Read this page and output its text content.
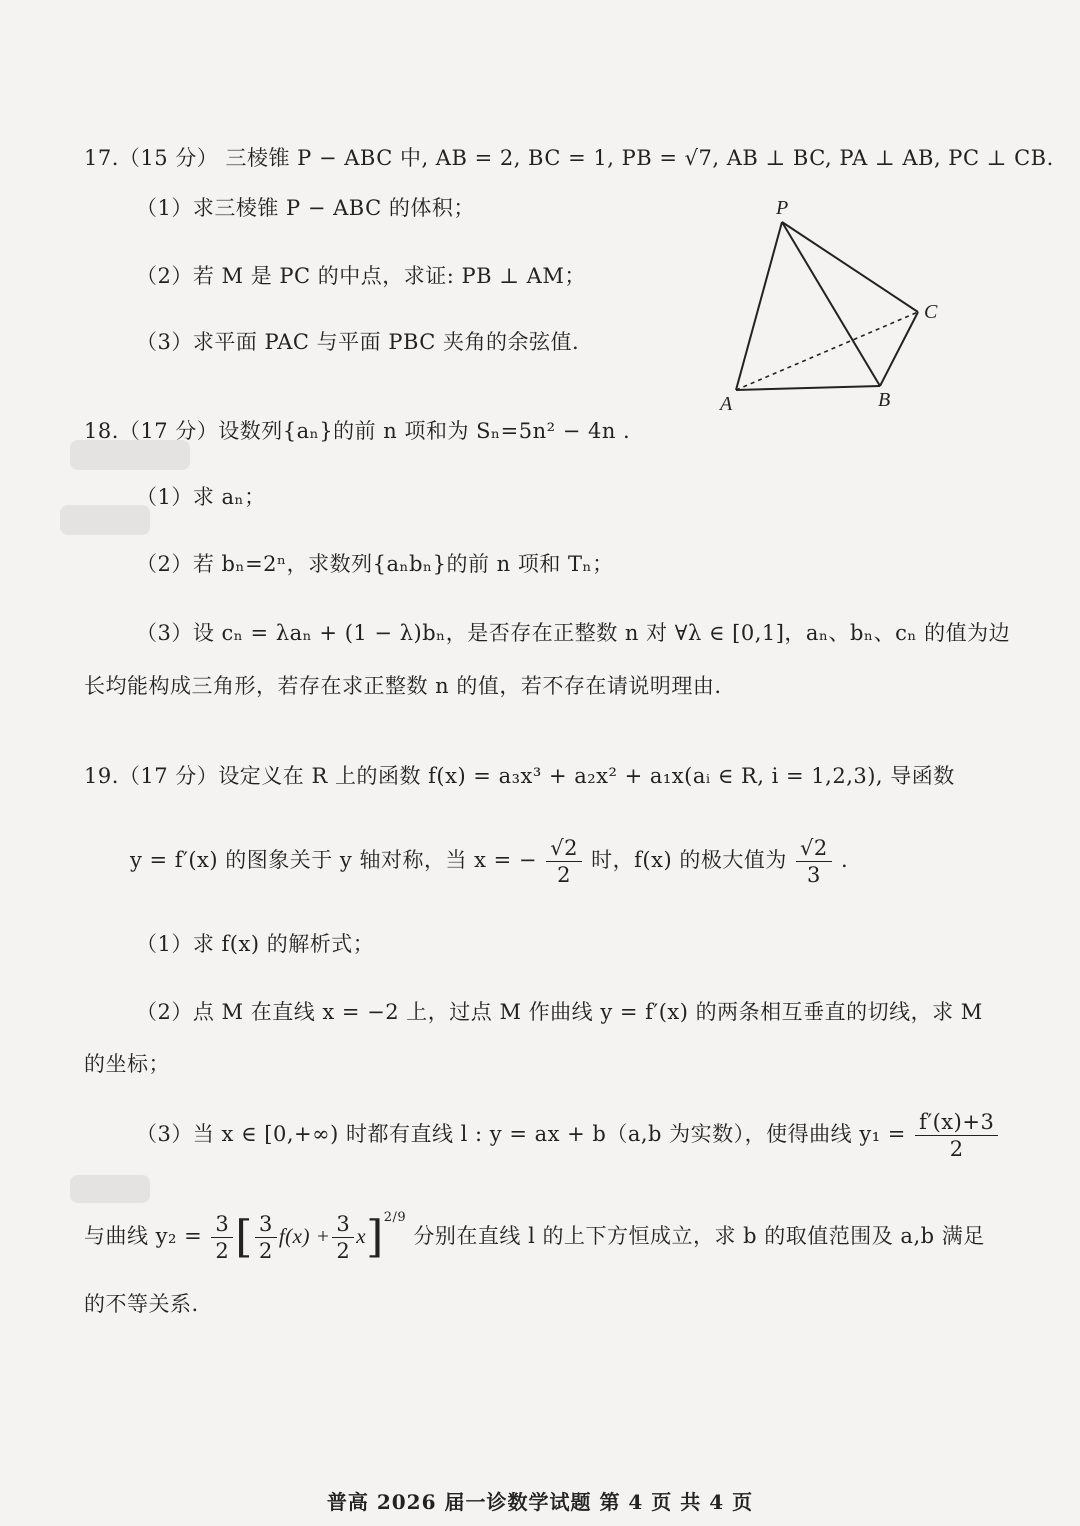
17.（15 分） 三棱锥 P − ABC 中, AB = 2, BC = 1, PB = √7, AB ⊥ BC, PA ⊥ AB, PC ⊥ CB.
（1）求三棱锥 P − ABC 的体积；
（2）若 M 是 PC 的中点，求证: PB ⊥ AM；
（3）求平面 PAC 与平面 PBC 夹角的余弦值.
P
A	B
C
18.（17 分）设数列{aₙ}的前 n 项和为 Sₙ=5n² − 4n .
（1）求 aₙ；
（2）若 bₙ=2ⁿ，求数列{aₙbₙ}的前 n 项和 Tₙ；
（3）设 cₙ = λaₙ + (1 − λ)bₙ，是否存在正整数 n 对 ∀λ ∈ [0,1]，aₙ、bₙ、cₙ 的值为边
长均能构成三角形，若存在求正整数 n 的值，若不存在请说明理由.
19.（17 分）设定义在 R 上的函数 f(x) = a₃x³ + a₂x² + a₁x(aᵢ ∈ R, i = 1,2,3), 导函数
y = f′(x) 的图象关于 y 轴对称，当 x = − $\frac{√2}{2}$ 时，f(x) 的极大值为 $\frac{√2}{3}$ .
（1）求 f(x) 的解析式；
（2）点 M 在直线 x = −2 上，过点 M 作曲线 y = f′(x) 的两条相互垂直的切线，求 M
的坐标；
（3）当 x ∈ [0,+∞) 时都有直线 l : y = ax + b（a,b 为实数），使得曲线 $y_1 = \frac{f'(x)+3}{2}$
与曲线 $y_2 = \frac{3}{2}$ [ $\frac{3}{2} f(x) + \frac{3}{2} x]^{2/9}$ 分别在直线 l 的上下方恒成立，求 b 的取值范围及 a,b 满足
的不等关系.
普高 2026 届一诊数学试题 第 4 页 共 4 页
